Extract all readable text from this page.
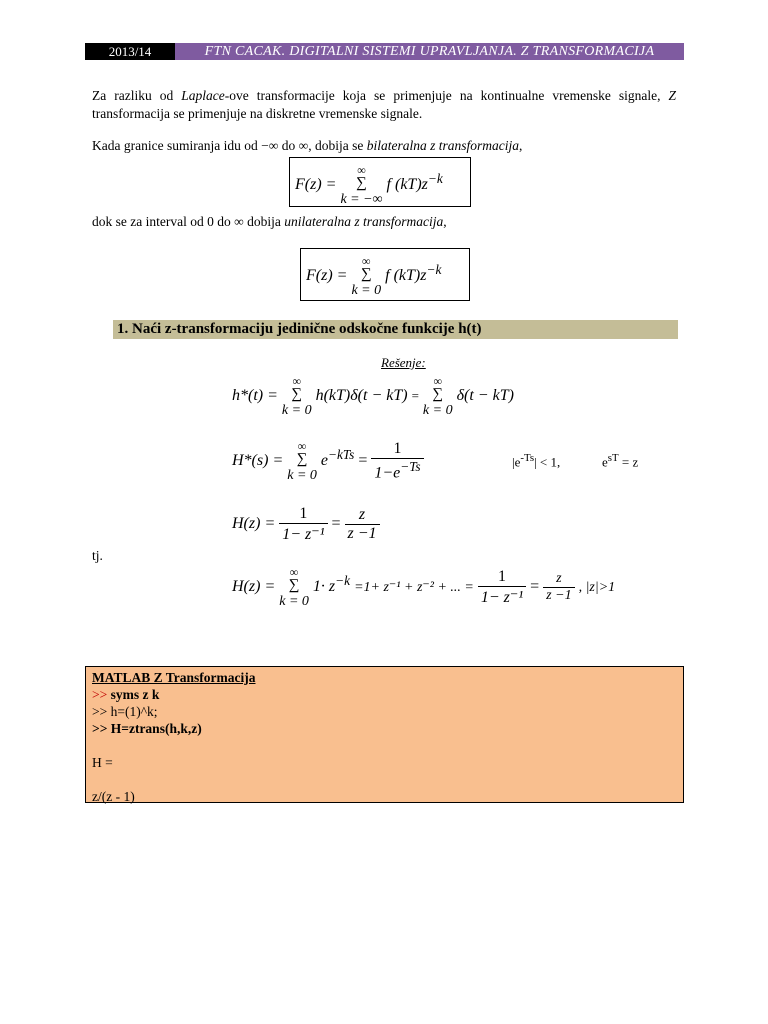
2013/14	FTN CACAK. DIGITALNI SISTEMI UPRAVLJANJA. Z TRANSFORMACIJA
Za razliku od Laplace-ove transformacije koja se primenjuje na kontinualne vremenske signale, Z transformacija se primenjuje na diskretne vremenske signale.
Kada granice sumiranja idu od −∞ do ∞, dobija se bilateralna z transformacija,
F(z) =
∞
∑
k = −∞
f $(kT)z^{-k}$
dok se za interval od 0 do ∞ dobija unilateralna z transformacija,
F(z) =
∞
∑
k = 0
f $(kT)z^{-k}$
1. Naći z-transformaciju jedinične odskočne funkcije h(t)
Rešenje:
h*(t) =
∞
∑
k = 0
h(kT)δ(t − kT) =
∞
∑
k = 0
δ(t − kT)
H*(s) =
∞
∑
k = 0
$e^{-kTs} = \frac{1}{1-e^{-Ts}}$	$|e^{-Ts}| < 1$,	$e^{sT} = z$
$H(z) = \frac{1}{\text{1− z⁻¹}} = \frac{z}{z -1}$
tj.
H(z) =
∞
∑
k = 0
$1\cdot z^{-k} =1+ z^{-1} + z^{-2}$ + ... = $\frac{1}{\text{1− z⁻¹}} = \frac{z}{z -1}$ , |z|>1
MATLAB Z Transformacija
>> syms z k
>> h=(1)^k;
>> H=ztrans(h,k,z)
H =
z/(z - 1)
